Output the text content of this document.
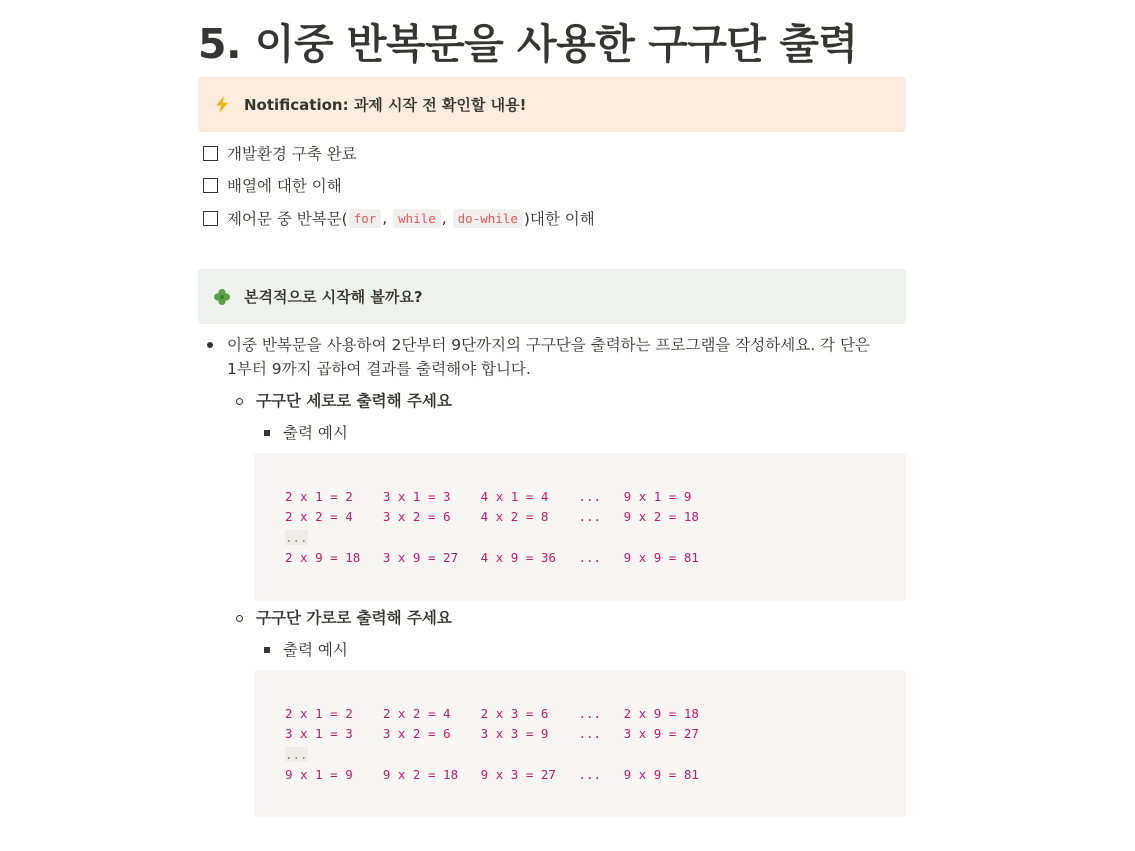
5. 이중 반복문을 사용한 구구단 출력
Notification: 과제 시작 전 확인할 내용!
개발환경 구축 완료
배열에 대한 이해
제어문 중 반복문( for , while , do-while )대한 이해
본격적으로 시작해 볼까요?
이중 반복문을 사용하여 2단부터 9단까지의 구구단을 출력하는 프로그램을 작성하세요. 각 단은
1부터 9까지 곱하여 결과를 출력해야 합니다.
구구단 세로로 출력해 주세요
출력 예시
2 x 1 = 2    3 x 1 = 3    4 x 1 = 4    ...   9 x 1 = 9
2 x 2 = 4    3 x 2 = 6    4 x 2 = 8    ...   9 x 2 = 18
...
2 x 9 = 18   3 x 9 = 27   4 x 9 = 36   ...   9 x 9 = 81
구구단 가로로 출력해 주세요
출력 예시
2 x 1 = 2    2 x 2 = 4    2 x 3 = 6    ...   2 x 9 = 18
3 x 1 = 3    3 x 2 = 6    3 x 3 = 9    ...   3 x 9 = 27
...
9 x 1 = 9    9 x 2 = 18   9 x 3 = 27   ...   9 x 9 = 81
